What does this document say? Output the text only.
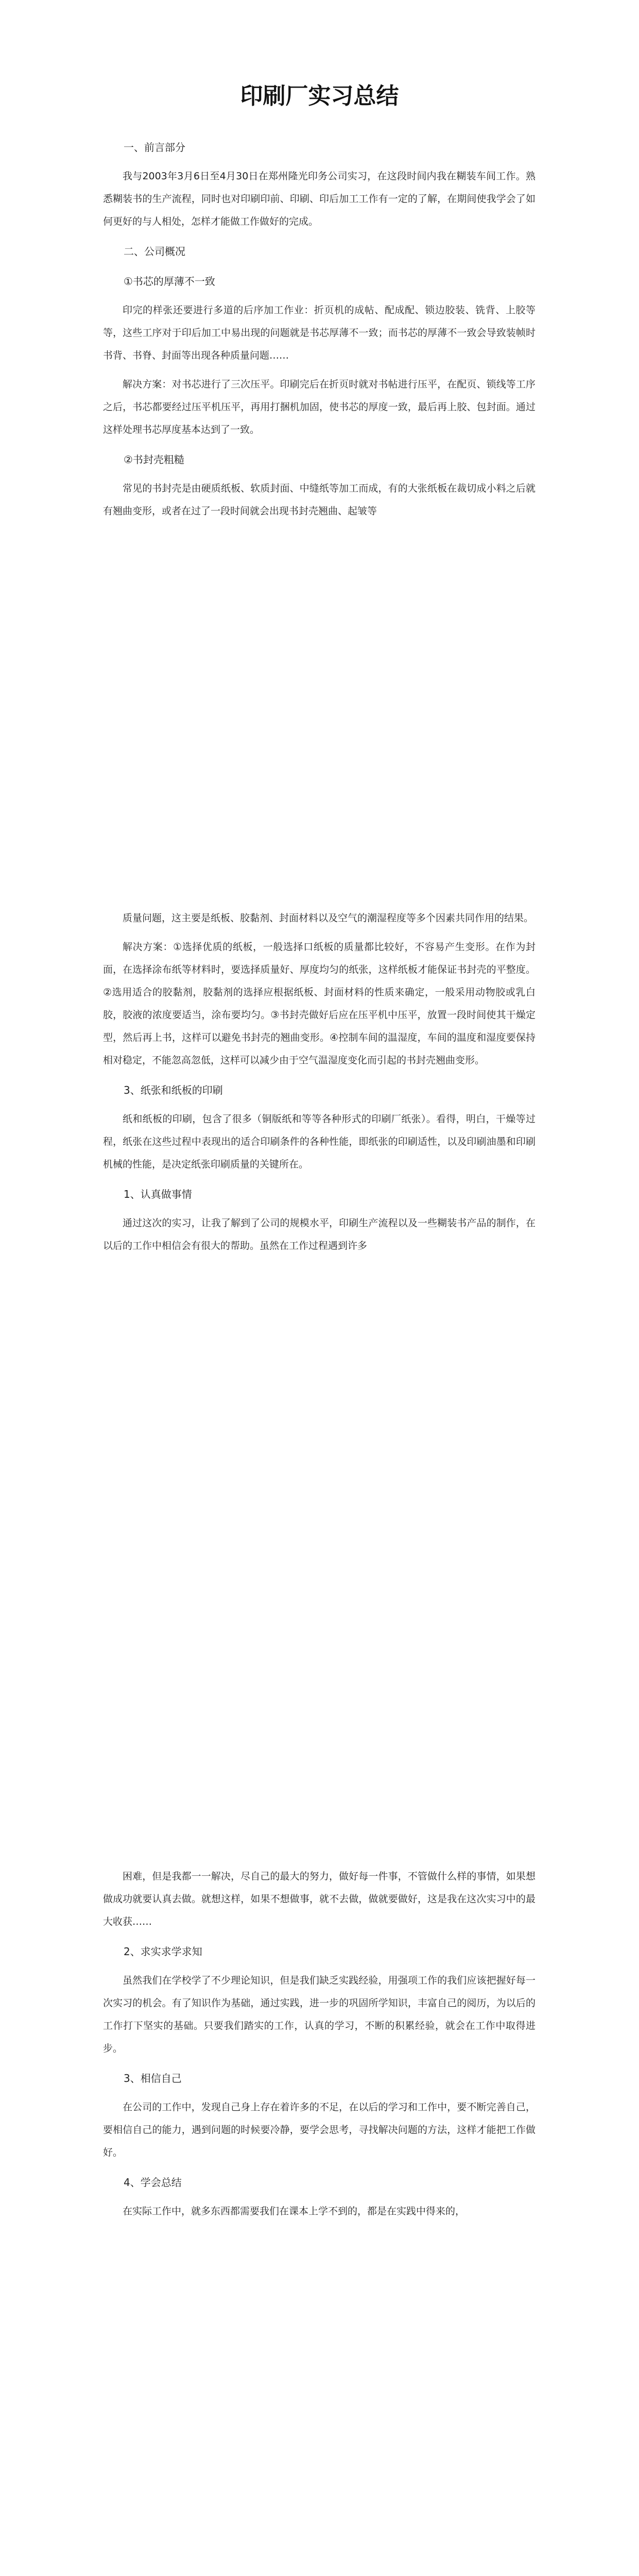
印刷厂实习总结

一、前言部分

我与2003年3月6日至4月30日在郑州隆光印务公司实习，在这段时间内我在糊装车间工作。熟悉糊装书的生产流程，同时也对印刷印前、印刷、印后加工工作有一定的了解，在期间使我学会了如何更好的与人相处，怎样才能做工作做好的完成。

二、公司概况

①书芯的厚薄不一致

印完的样张还要进行多道的后序加工作业：折页机的成帖、配成配、锁边胶装、铣背、上胶等等，这些工序对于印后加工中易出现的问题就是书芯厚薄不一致；而书芯的厚薄不一致会导致装帧时书背、书脊、封面等出现各种质量问题……

解决方案：对书芯进行了三次压平。印刷完后在折页时就对书帖进行压平，在配页、锁线等工序之后，书芯都要经过压平机压平，再用打捆机加固，使书芯的厚度一致，最后再上胶、包封面。通过这样处理书芯厚度基本达到了一致。

②书封壳粗糙

常见的书封壳是由硬质纸板、软质封面、中缝纸等加工而成，有的大张纸板在裁切成小料之后就有翘曲变形，或者在过了一段时间就会出现书封壳翘曲、起皱等

质量问题，这主要是纸板、胶黏剂、封面材料以及空气的潮湿程度等多个因素共同作用的结果。

解决方案：①选择优质的纸板，一般选择口纸板的质量都比较好，不容易产生变形。在作为封面，在选择涂布纸等材料时，要选择质量好、厚度均匀的纸张，这样纸板才能保证书封壳的平整度。②选用适合的胶黏剂，胶黏剂的选择应根据纸板、封面材料的性质来确定，一般采用动物胶或乳白胶，胶液的浓度要适当，涂布要均匀。③书封壳做好后应在压平机中压平，放置一段时间使其干燥定型，然后再上书，这样可以避免书封壳的翘曲变形。④控制车间的温湿度，车间的温度和湿度要保持相对稳定，不能忽高忽低，这样可以减少由于空气温湿度变化而引起的书封壳翘曲变形。

3、纸张和纸板的印刷

纸和纸板的印刷，包含了很多（铜版纸和等等各种形式的印刷厂纸张）。看得，明白，干燥等过程，纸张在这些过程中表现出的适合印刷条件的各种性能，即纸张的印刷适性，以及印刷油墨和印刷机械的性能，是决定纸张印刷质量的关键所在。

1、认真做事情

通过这次的实习，让我了解到了公司的规模水平，印刷生产流程以及一些糊装书产品的制作，在以后的工作中相信会有很大的帮助。虽然在工作过程遇到许多

困难，但是我都一一解决，尽自己的最大的努力，做好每一件事，不管做什么样的事情，如果想做成功就要认真去做。就想这样，如果不想做事，就不去做，做就要做好，这是我在这次实习中的最大收获……

2、求实求学求知

虽然我们在学校学了不少理论知识，但是我们缺乏实践经验，用强项工作的我们应该把握好每一次实习的机会。有了知识作为基础，通过实践，进一步的巩固所学知识，丰富自己的阅历，为以后的工作打下坚实的基础。只要我们踏实的工作，认真的学习，不断的积累经验，就会在工作中取得进步。

3、相信自己

在公司的工作中，发现自己身上存在着许多的不足，在以后的学习和工作中，要不断完善自己，要相信自己的能力，遇到问题的时候要冷静，要学会思考，寻找解决问题的方法，这样才能把工作做好。

4、学会总结

在实际工作中，就多东西都需要我们在课本上学不到的，都是在实践中得来的，
